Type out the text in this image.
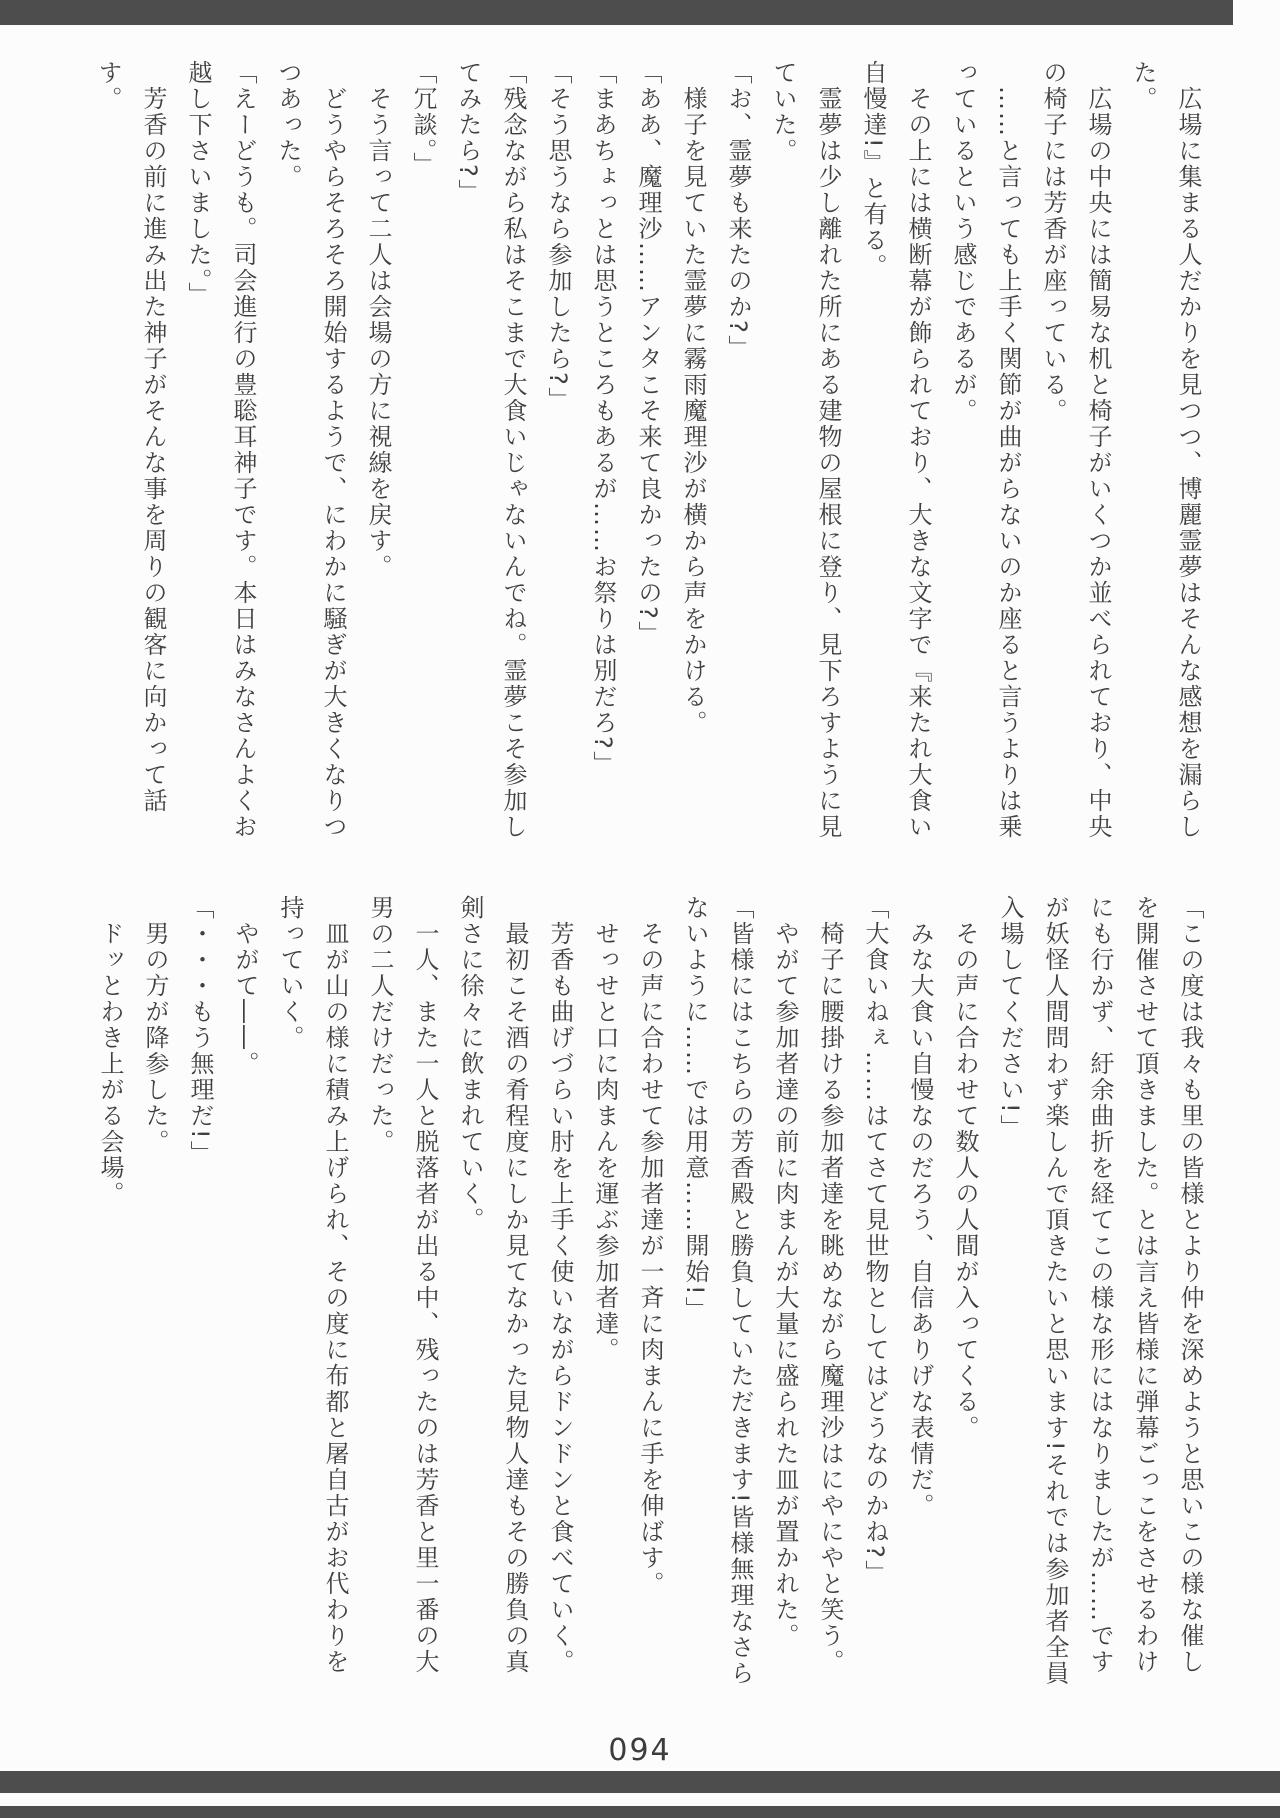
広場に集まる人だかりを見つつ、博麗霊夢はそんな感想を漏らした。

広場の中央には簡易な机と椅子がいくつか並べられており、中央の椅子には芳香が座っている。

……と言っても上手く関節が曲がらないのか座ると言うよりは乗っているという感じであるが。

その上には横断幕が飾られており、大きな文字で『来たれ大食い自慢達!』と有る。

霊夢は少し離れた所にある建物の屋根に登り、見下ろすように見ていた。

「お、霊夢も来たのか?」

様子を見ていた霊夢に霧雨魔理沙が横から声をかける。

「ああ、魔理沙……アンタこそ来て良かったの?」

「まあちょっとは思うところもあるが……お祭りは別だろ?」

「そう思うなら参加したら?」

「残念ながら私はそこまで大食いじゃないんでね。霊夢こそ参加してみたら?」

「冗談。」

そう言って二人は会場の方に視線を戻す。

どうやらそろそろ開始するようで、にわかに騒ぎが大きくなりつつあった。

「えーどうも。司会進行の豊聡耳神子です。本日はみなさんよくお越し下さいました。」

芳香の前に進み出た神子がそんな事を周りの観客に向かって話す。

「この度は我々も里の皆様とより仲を深めようと思いこの様な催しを開催させて頂きました。とは言え皆様に弾幕ごっこをさせるわけにも行かず、紆余曲折を経てこの様な形にはなりましたが……ですが妖怪人間問わず楽しんで頂きたいと思います!それでは参加者全員入場してください!」

その声に合わせて数人の人間が入ってくる。

みな大食い自慢なのだろう、自信ありげな表情だ。

「大食いねぇ……はてさて見世物としてはどうなのかね?」

椅子に腰掛ける参加者達を眺めながら魔理沙はにやにやと笑う。

やがて参加者達の前に肉まんが大量に盛られた皿が置かれた。

「皆様にはこちらの芳香殿と勝負していただきます!皆様無理なさらないように……では用意……開始!」

その声に合わせて参加者達が一斉に肉まんに手を伸ばす。

せっせと口に肉まんを運ぶ参加者達。

芳香も曲げづらい肘を上手く使いながらドンドンと食べていく。

最初こそ酒の肴程度にしか見てなかった見物人達もその勝負の真剣さに徐々に飲まれていく。

一人、また一人と脱落者が出る中、残ったのは芳香と里一番の大男の二人だけだった。

皿が山の様に積み上げられ、その度に布都と屠自古がお代わりを持っていく。

やがて――。

「・・・もう無理だ!」

男の方が降参した。

ドッとわき上がる会場。

094
